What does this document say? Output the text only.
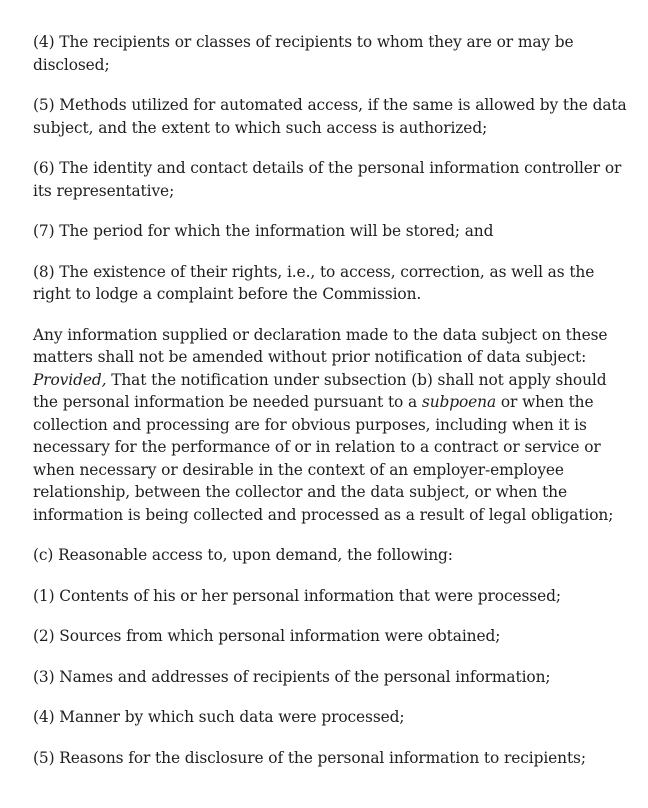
(4) The recipients or classes of recipients to whom they are or may be disclosed;

(5) Methods utilized for automated access, if the same is allowed by the data subject, and the extent to which such access is authorized;

(6) The identity and contact details of the personal information controller or its representative;

(7) The period for which the information will be stored; and

(8) The existence of their rights, i.e., to access, correction, as well as the right to lodge a complaint before the Commission.

Any information supplied or declaration made to the data subject on these matters shall not be amended without prior notification of data subject: Provided, That the notification under subsection (b) shall not apply should the personal information be needed pursuant to a subpoena or when the collection and processing are for obvious purposes, including when it is necessary for the performance of or in relation to a contract or service or when necessary or desirable in the context of an employer-employee relationship, between the collector and the data subject, or when the information is being collected and processed as a result of legal obligation;

(c) Reasonable access to, upon demand, the following:

(1) Contents of his or her personal information that were processed;

(2) Sources from which personal information were obtained;

(3) Names and addresses of recipients of the personal information;

(4) Manner by which such data were processed;

(5) Reasons for the disclosure of the personal information to recipients;
